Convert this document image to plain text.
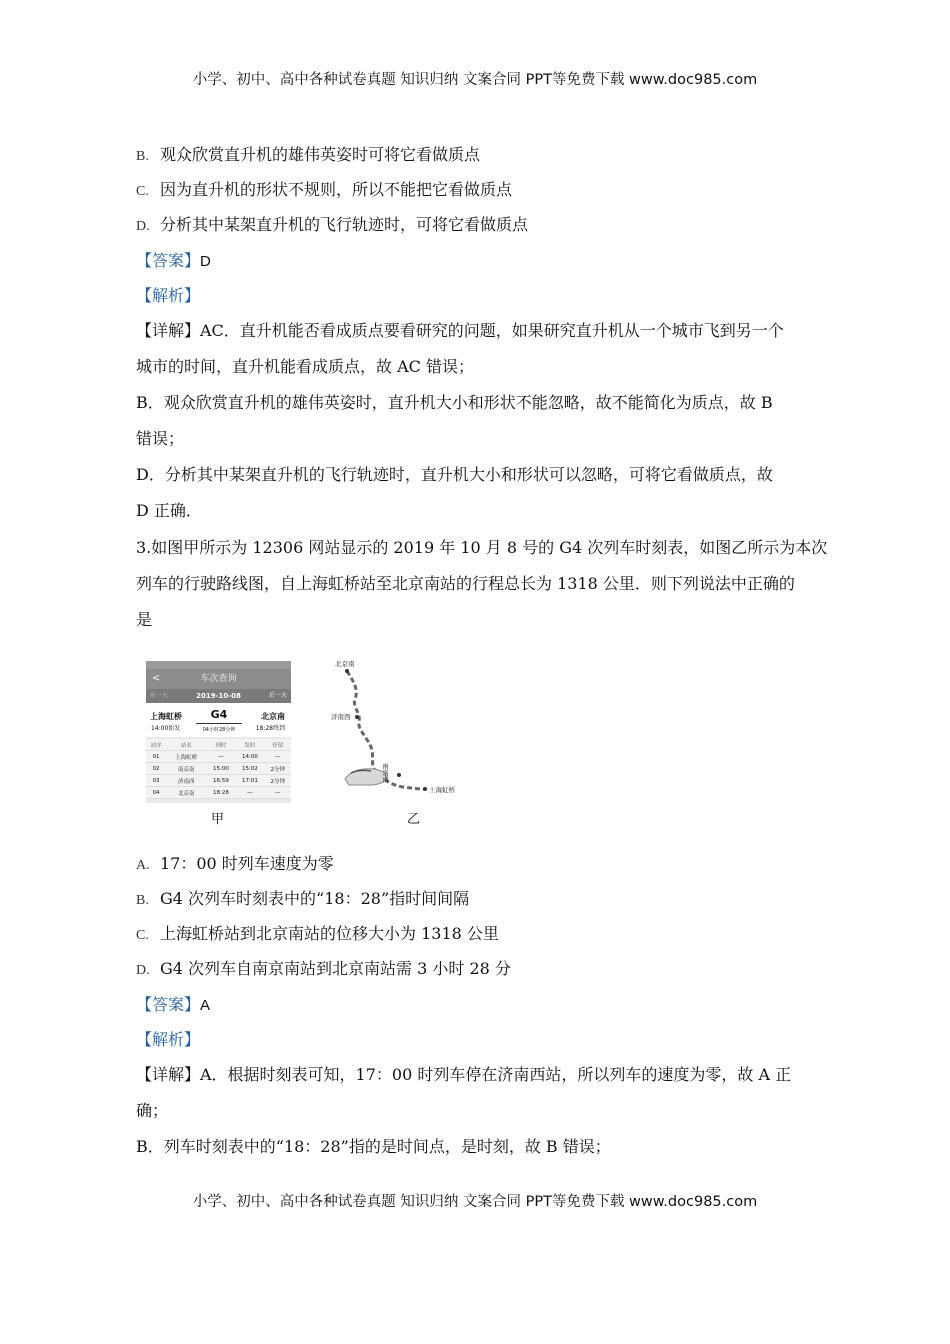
小学、初中、高中各种试卷真题 知识归纳 文案合同 PPT等免费下载 www.doc985.com
B. 观众欣赏直升机的雄伟英姿时可将它看做质点
C. 因为直升机的形状不规则，所以不能把它看做质点
D. 分析其中某架直升机的飞行轨迹时，可将它看做质点
【答案】D
【解析】
【详解】AC．直升机能否看成质点要看研究的问题，如果研究直升机从一个城市飞到另一个
城市的时间，直升机能看成质点，故 AC 错误；
B．观众欣赏直升机的雄伟英姿时，直升机大小和形状不能忽略，故不能简化为质点，故 B
错误；
D．分析其中某架直升机的飞行轨迹时，直升机大小和形状可以忽略，可将它看做质点，故
D 正确．
3.如图甲所示为 12306 网站显示的 2019 年 10 月 8 号的 G4 次列车时刻表，如图乙所示为本次
列车的行驶路线图，自上海虹桥站至北京南站的行程总长为 1318 公里．则下列说法中正确的
是
车次查询
<
前一天	2019-10-08	后一天
上海虹桥	G4	北京南
14:00始发	04小时28分钟	18:28终到
站序	站名	到时	发时	停留
01	上海虹桥	—	14:00	—
02	南京南	15:00	15:02	2分钟
03	济南西	16:59	17:01	2分钟
04	北京南	18:28	—	—
甲
北京南
济南西
南京南
上海虹桥
乙
A. 17：00 时列车速度为零
B. G4 次列车时刻表中的“18：28”指时间间隔
C. 上海虹桥站到北京南站的位移大小为 1318 公里
D. G4 次列车自南京南站到北京南站需 3 小时 28 分
【答案】A
【解析】
【详解】A．根据时刻表可知，17：00 时列车停在济南西站，所以列车的速度为零，故 A 正
确；
B．列车时刻表中的“18：28”指的是时间点，是时刻，故 B 错误；
小学、初中、高中各种试卷真题 知识归纳 文案合同 PPT等免费下载 www.doc985.com
